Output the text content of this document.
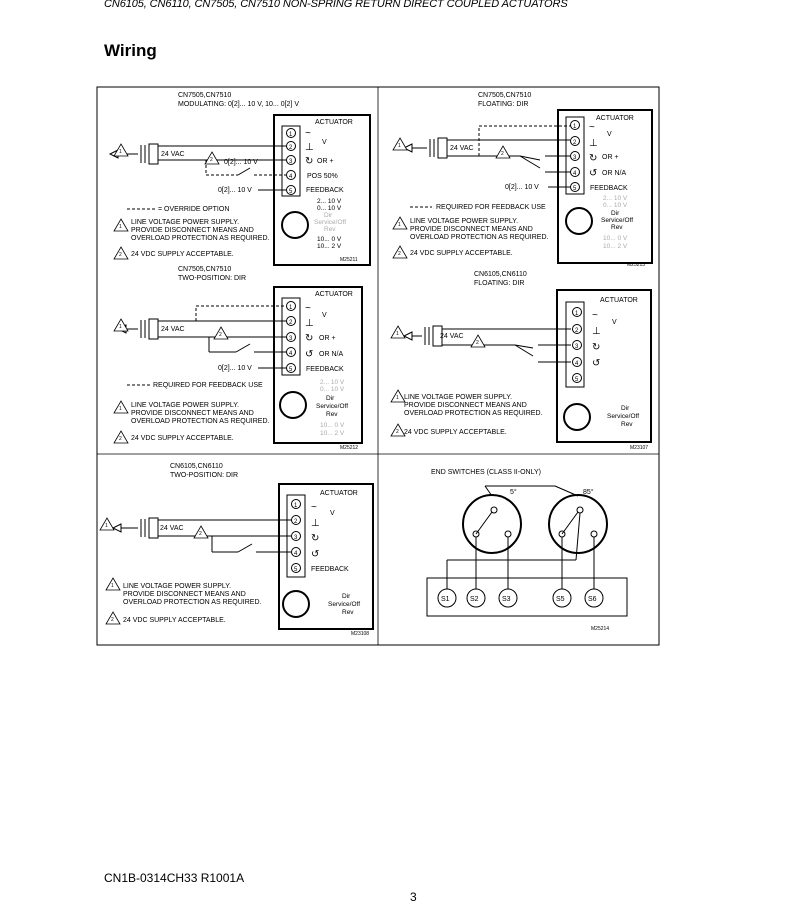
CN6105, CN6110, CN7505, CN7510 NON-SPRING RETURN DIRECT COUPLED ACTUATORS
Wiring
CN1B-0314CH33 R1001A
3
CN7505,CN7510
MODULATING: 0[2]... 10 V, 10... 0[2] V
ACTUATOR
1
2
3
4
5
~
V
⊥
↻ OR +
POS 50%
FEEDBACK
1	24 VAC
2 0[2]... 10 V
0[2]... 10 V
= OVERRIDE OPTION
1
LINE VOLTAGE POWER SUPPLY.
PROVIDE DISCONNECT MEANS AND
OVERLOAD PROTECTION AS REQUIRED.
2 24 VDC SUPPLY ACCEPTABLE.
2... 10 V
0... 10 V
Dir
Service/Off
Rev
10... 0 V
10... 2 V
M25211
CN7505,CN7510
FLOATING: DIR
ACTUATOR
1
2
3
4
5
~
V
⊥
↻ OR +
↺ OR N/A
FEEDBACK
1	24 VAC
2
0[2]... 10 V
REQUIRED FOR FEEDBACK USE
1 LINE VOLTAGE POWER SUPPLY.
PROVIDE DISCONNECT MEANS AND
OVERLOAD PROTECTION AS REQUIRED.
2 24 VDC SUPPLY ACCEPTABLE.
2... 10 V
0... 10 V
Dir
Service/Off
Rev
10... 0 V
10... 2 V
M25213
CN7505,CN7510
TWO-POSITION: DIR
ACTUATOR
1
2
3
4
5
~
V
⊥
↻ OR +
↺ OR N/A
FEEDBACK
1	24 VAC
2
0[2]... 10 V
REQUIRED FOR FEEDBACK USE
1 LINE VOLTAGE POWER SUPPLY.
PROVIDE DISCONNECT MEANS AND
OVERLOAD PROTECTION AS REQUIRED.
2 24 VDC SUPPLY ACCEPTABLE.
2... 10 V
0... 10 V
Dir
Service/Off
Rev
10... 0 V
10... 2 V
M25212
CN6105,CN6110
FLOATING: DIR
ACTUATOR
1
2
3
4
5
~
V
⊥
↻
↺
1	24 VAC
2
1 LINE VOLTAGE POWER SUPPLY.
PROVIDE DISCONNECT MEANS AND
OVERLOAD PROTECTION AS REQUIRED.
2 24 VDC SUPPLY ACCEPTABLE.
Dir
Service/Off
Rev
M23107
CN6105,CN6110
TWO-POSITION: DIR
ACTUATOR
1
2
3
4
5
~
V
⊥
↻
↺
FEEDBACK
1	24 VAC
2
1 LINE VOLTAGE POWER SUPPLY.
PROVIDE DISCONNECT MEANS AND
OVERLOAD PROTECTION AS REQUIRED.
2 24 VDC SUPPLY ACCEPTABLE.
Dir
Service/Off
Rev
M23108
END SWITCHES (CLASS II-ONLY)
5°	85°
S1	S2	S3	S5	S6
M25214
